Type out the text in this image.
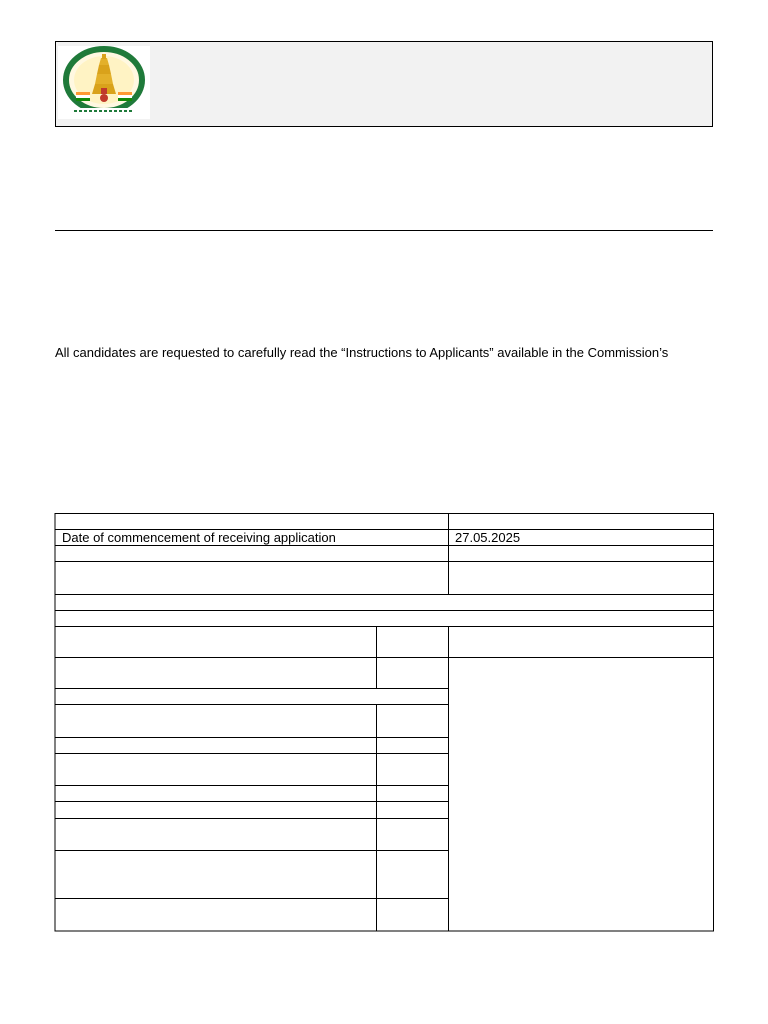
All candidates are requested to carefully read the “Instructions to Applicants” available in the Commission’s
Date of commencement of receiving application	27.05.2025
